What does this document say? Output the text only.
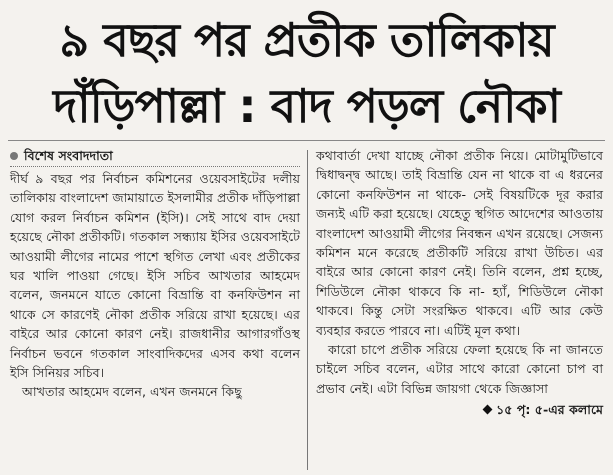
৯ বছর পর প্রতীক তালিকায়
দাঁড়িপাল্লা : বাদ পড়ল নৌকা
বিশেষ সংবাদদাতা

দীর্ঘ ৯ বছর পর নির্বাচন কমিশনের ওয়েবসাইটের দলীয় তালিকায় বাংলাদেশ জামায়াতে ইসলামীর প্রতীক দাঁড়িপাল্লা যোগ করল নির্বাচন কমিশন (ইসি)। সেই সাথে বাদ দেয়া হয়েছে নৌকা প্রতীকটি। গতকাল সন্ধ্যায় ইসির ওয়েবসাইটে আওয়ামী লীগের নামের পাশে স্থগিত লেখা এবং প্রতীকের ঘর খালি পাওয়া গেছে। ইসি সচিব আখতার আহমেদ বলেন, জনমনে যাতে কোনো বিভ্রান্তি বা কনফিউশন না থাকে সে কারণেই নৌকা প্রতীক সরিয়ে রাখা হয়েছে। এর বাইরে আর কোনো কারণ নেই। রাজধানীর আগারগাঁওস্থ নির্বাচন ভবনে গতকাল সাংবাদিকদের এসব কথা বলেন ইসি সিনিয়র সচিব।

আখতার আহমেদ বলেন, এখন জনমনে কিছু

কথাবার্তা দেখা যাচ্ছে নৌকা প্রতীক নিয়ে। মোটামুটিভাবে দ্বিধাদ্বন্দ্ব আছে। তাই বিভ্রান্তি যেন না থাকে বা এ ধরনের কোনো কনফিউশন না থাকে- সেই বিষয়টিকে দূর করার জন্যই এটি করা হয়েছে। যেহেতু স্থগিত আদেশের আওতায় বাংলাদেশ আওয়ামী লীগের নিবন্ধন এখন রয়েছে। সেজন্য কমিশন মনে করেছে প্রতীকটি সরিয়ে রাখা উচিত। এর বাইরে আর কোনো কারণ নেই। তিনি বলেন, প্রশ্ন হচ্ছে, শিডিউলে নৌকা থাকবে কি না- হ্যাঁ, শিডিউলে নৌকা থাকবে। কিন্তু সেটা সংরক্ষিত থাকবে। এটি আর কেউ ব্যবহার করতে পারবে না। এটিই মূল কথা।

কারো চাপে প্রতীক সরিয়ে ফেলা হয়েছে কি না জানতে চাইলে সচিব বলেন, এটার সাথে কারো কোনো চাপ বা প্রভাব নেই। এটা বিভিন্ন জায়গা থেকে জিজ্ঞাসা

১৫ পৃ: ৫-এর কলামে
